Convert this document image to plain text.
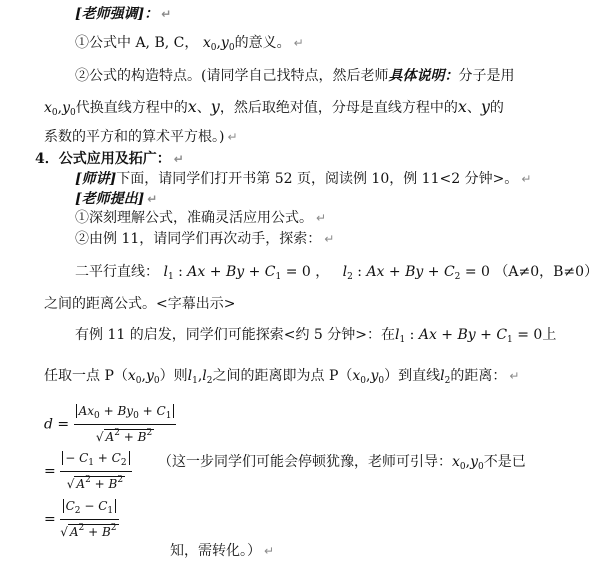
[老师强调]： ↵
①公式中 A, B, C， $x_0,y_0$的意义。 ↵
②公式的构造特点。(请同学自己找特点，然后老师具体说明：分子是用
$x_0,y_0$代换直线方程中的x、y，然后取绝对值，分母是直线方程中的x、y的
系数的平方和的算术平方根。) ↵
4．公式应用及拓广： ↵
[师讲]下面，请同学们打开书第 52 页，阅读例 10，例 11<2 分钟>。 ↵
[老师提出] ↵
①深刻理解公式，准确灵活应用公式。 ↵
②由例 11，请同学们再次动手，探索： ↵
二平行直线： $l_1$ : $Ax + By + C_1 = 0$ ，   $l_2$ : $Ax + By + C_2 = 0$ （A≠0，B≠0）
之间的距离公式。<字幕出示>
有例 11 的启发，同学们可能探索<约 5 分钟>：在$l_1$ : $Ax + By + C_1 = 0$上
任取一点 $P(x_0,y_0)$则$l_1,l_2$之间的距离即为点 $P(x_0,y_0)$到直线$l_2$的距离： ↵
$d = \frac{Ax_0 + By_0 + C_1}{√ A^2 + B^2}$
= $\frac{- C_1 + C_2}{√ A^2 + B^2}$
= $\frac{C_2 - C_1}{√ A^2 + B^2}$
（这一步同学们可能会停顿犹豫，老师可引导：$x_0,y_0$不是已
知，需转化。） ↵
